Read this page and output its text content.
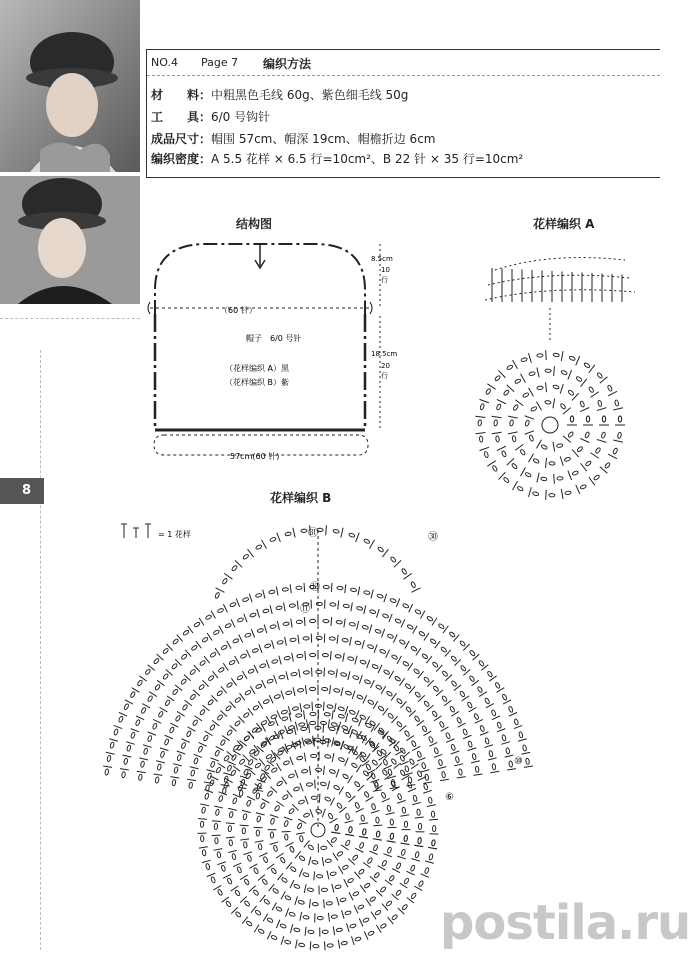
8
NO.4 Page 7 编织方法
材　　料：中粗黑色毛线 60g、紫色细毛线 50g
工　　具：6/0 号钩针
成品尺寸：帽围 57cm、帽深 19cm、帽檐折边 6cm
编织密度：A 5.5 花样 × 6.5 行=10cm²、B 22 针 × 35 行=10cm²
结构图
（60 针）
帽子　6/0 号针
（花样编织 A）黑
（花样编织 B）紫
57cm(60 针)
8.5cm
10
行
18.5cm
20
行
花样编织 A
花样编织 B
= 1 花样
⑥
⑩
⑪
⑫
㉚
㉛
postila.ru
